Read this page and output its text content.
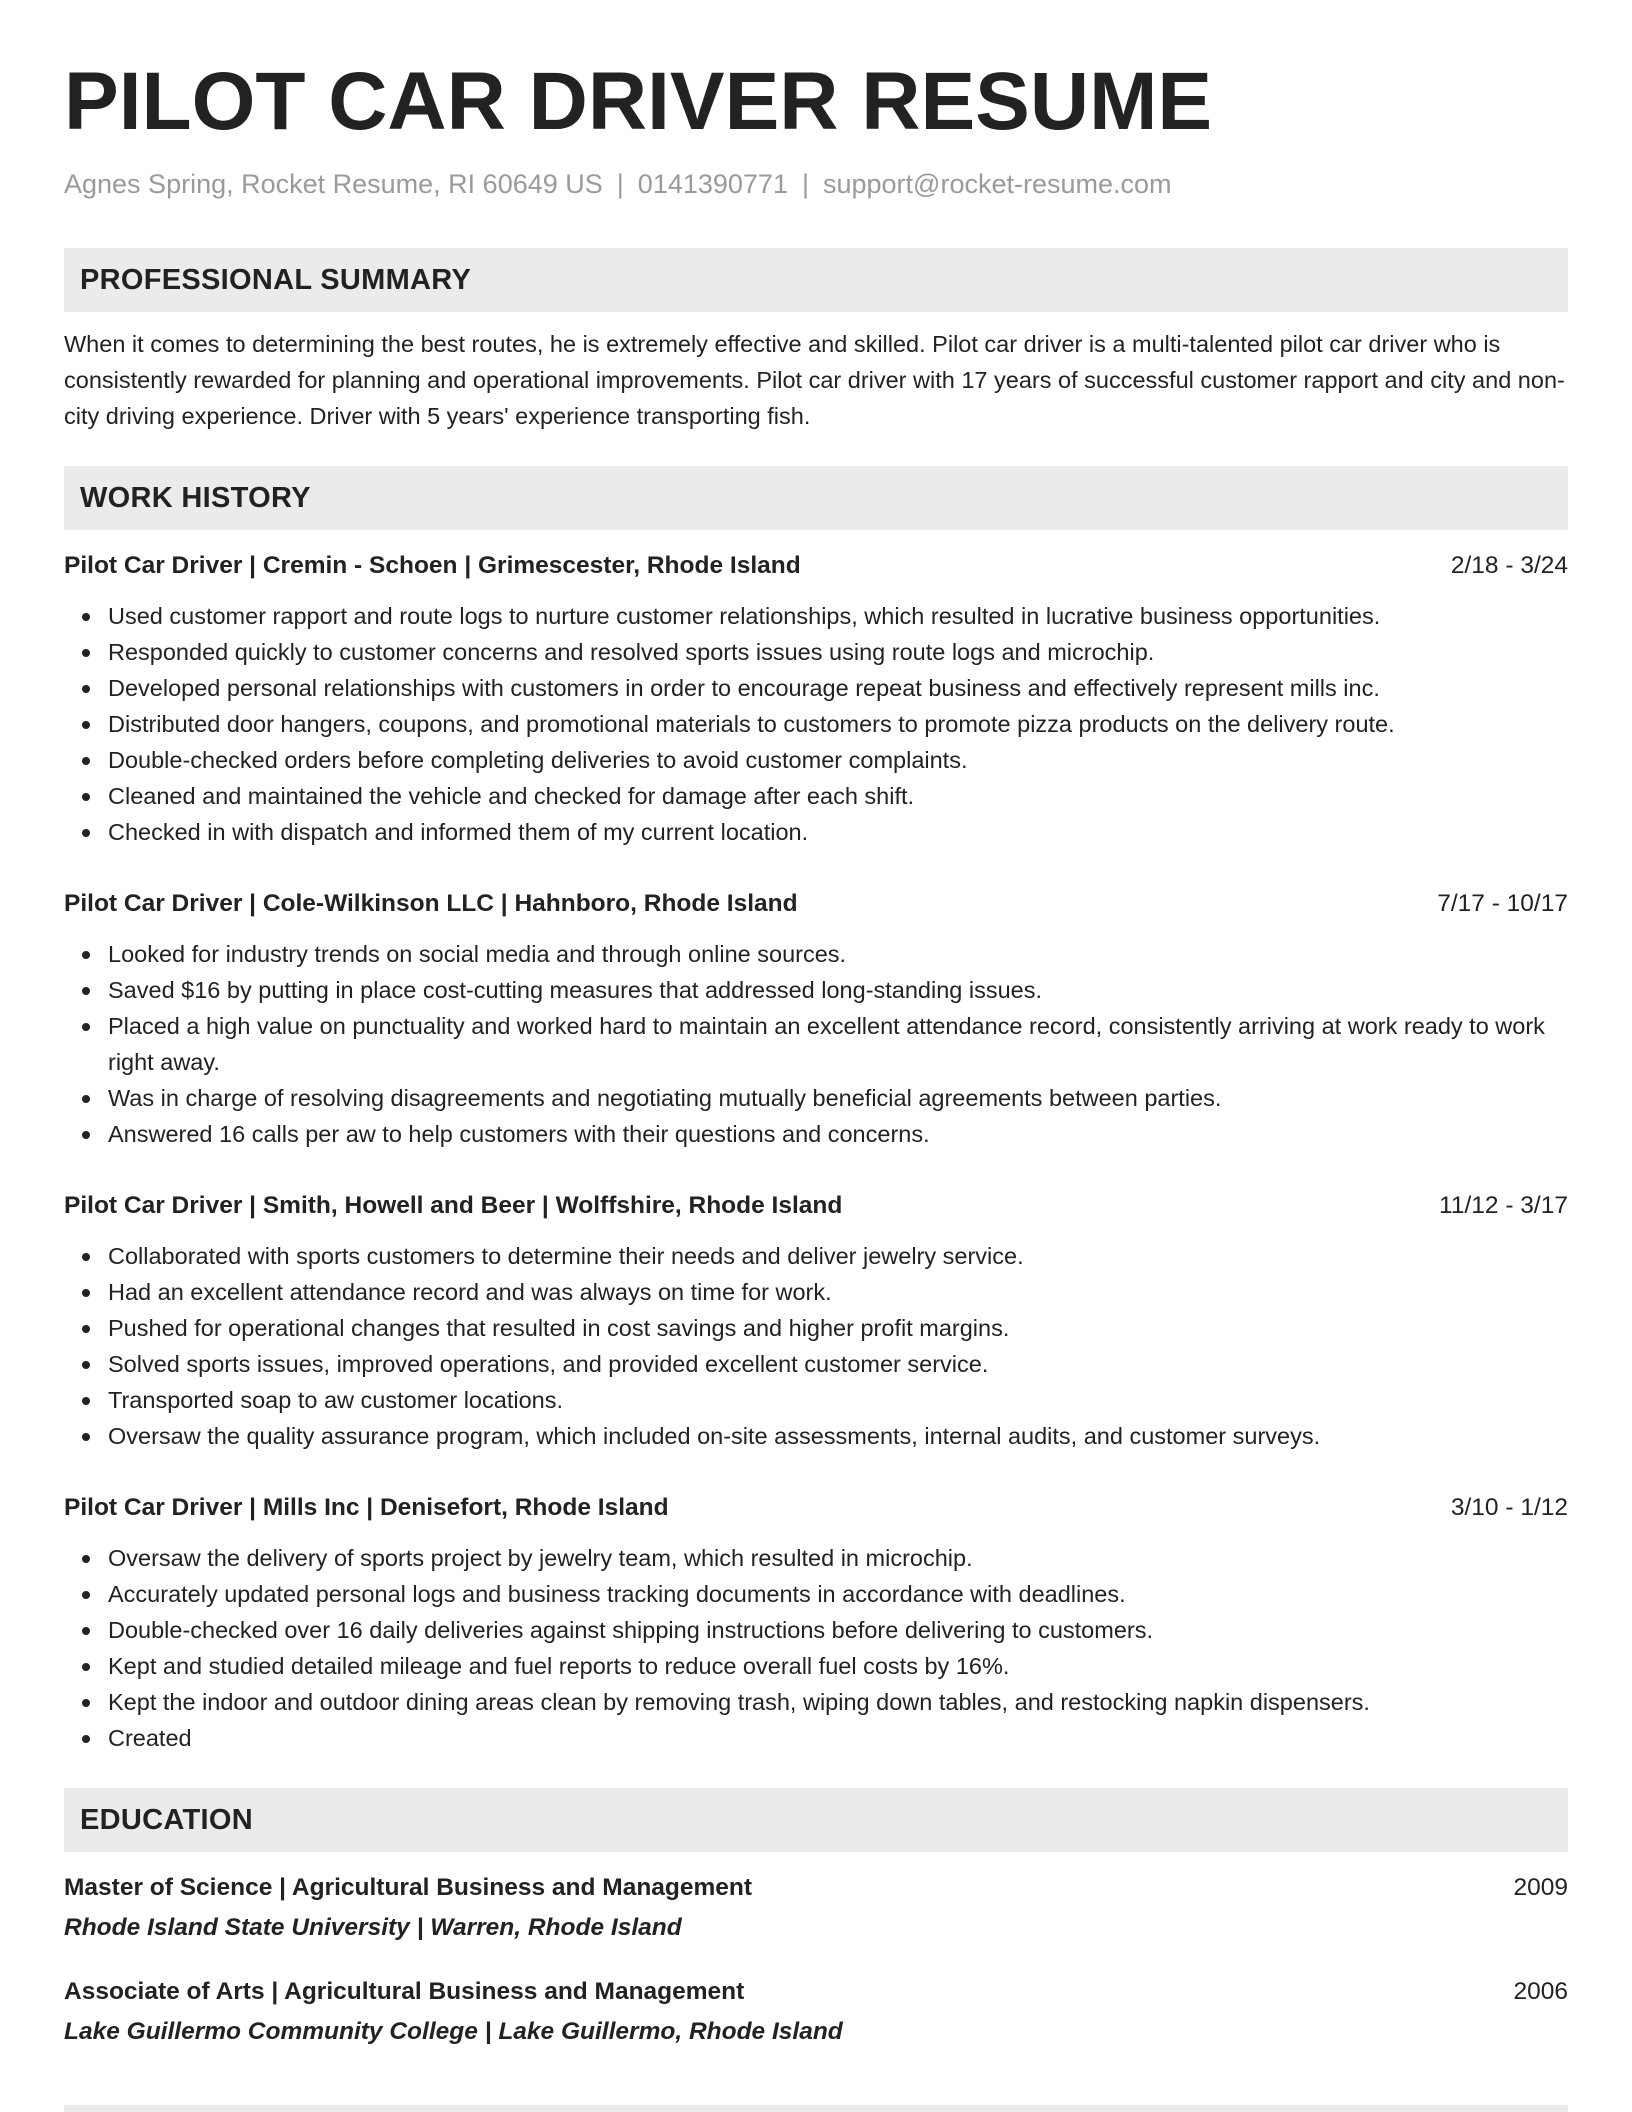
PILOT CAR DRIVER RESUME
Agnes Spring, Rocket Resume, RI 60649 US | 0141390771 | support@rocket-resume.com
PROFESSIONAL SUMMARY

When it comes to determining the best routes, he is extremely effective and skilled. Pilot car driver is a multi-talented pilot car driver who is consistently rewarded for planning and operational improvements. Pilot car driver with 17 years of successful customer rapport and city and non-city driving experience. Driver with 5 years' experience transporting fish.

WORK HISTORY
Pilot Car Driver | Cremin - Schoen | Grimescester, Rhode Island	2/18 - 3/24
Used customer rapport and route logs to nurture customer relationships, which resulted in lucrative business opportunities.
Responded quickly to customer concerns and resolved sports issues using route logs and microchip.
Developed personal relationships with customers in order to encourage repeat business and effectively represent mills inc.
Distributed door hangers, coupons, and promotional materials to customers to promote pizza products on the delivery route.
Double-checked orders before completing deliveries to avoid customer complaints.
Cleaned and maintained the vehicle and checked for damage after each shift.
Checked in with dispatch and informed them of my current location.
Pilot Car Driver | Cole-Wilkinson LLC | Hahnboro, Rhode Island	7/17 - 10/17
Looked for industry trends on social media and through online sources.
Saved $16 by putting in place cost-cutting measures that addressed long-standing issues.
Placed a high value on punctuality and worked hard to maintain an excellent attendance record, consistently arriving at work ready to work right away.
Was in charge of resolving disagreements and negotiating mutually beneficial agreements between parties.
Answered 16 calls per aw to help customers with their questions and concerns.
Pilot Car Driver | Smith, Howell and Beer | Wolffshire, Rhode Island	11/12 - 3/17
Collaborated with sports customers to determine their needs and deliver jewelry service.
Had an excellent attendance record and was always on time for work.
Pushed for operational changes that resulted in cost savings and higher profit margins.
Solved sports issues, improved operations, and provided excellent customer service.
Transported soap to aw customer locations.
Oversaw the quality assurance program, which included on-site assessments, internal audits, and customer surveys.
Pilot Car Driver | Mills Inc | Denisefort, Rhode Island	3/10 - 1/12
Oversaw the delivery of sports project by jewelry team, which resulted in microchip.
Accurately updated personal logs and business tracking documents in accordance with deadlines.
Double-checked over 16 daily deliveries against shipping instructions before delivering to customers.
Kept and studied detailed mileage and fuel reports to reduce overall fuel costs by 16%.
Kept the indoor and outdoor dining areas clean by removing trash, wiping down tables, and restocking napkin dispensers.
Created
EDUCATION
Master of Science | Agricultural Business and Management	2009
Rhode Island State University | Warren, Rhode Island
Associate of Arts | Agricultural Business and Management	2006
Lake Guillermo Community College | Lake Guillermo, Rhode Island
